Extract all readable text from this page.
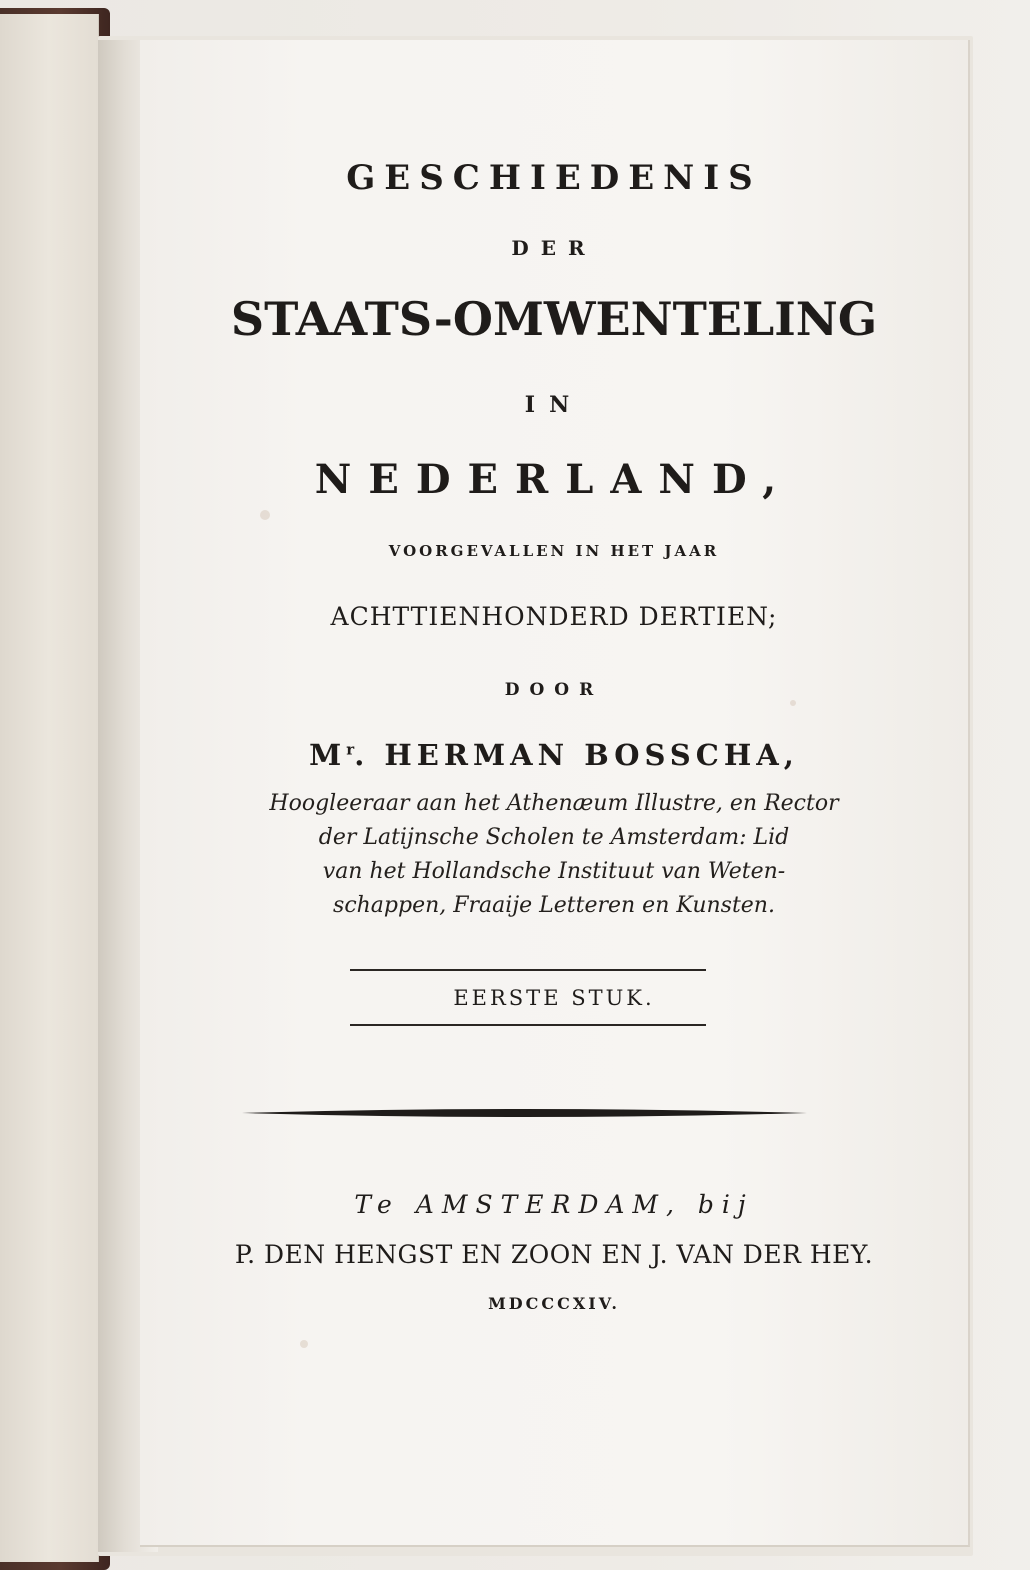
GESCHIEDENIS
DER
STAATS-OMWENTELING
IN
NEDERLAND,
VOORGEVALLEN IN HET JAAR
ACHTTIENHONDERD DERTIEN;
DOOR
$M^r$. HERMAN BOSSCHA,
Hoogleeraar aan het Athenæum Illustre, en Rector
der Latijnsche Scholen te Amsterdam: Lid
van het Hollandsche Instituut van Weten-
schappen, Fraaije Letteren en Kunsten.
EERSTE STUK.
Te AMSTERDAM, bij
P. DEN HENGST EN ZOON EN J. VAN DER HEY.
MDCCCXIV.
